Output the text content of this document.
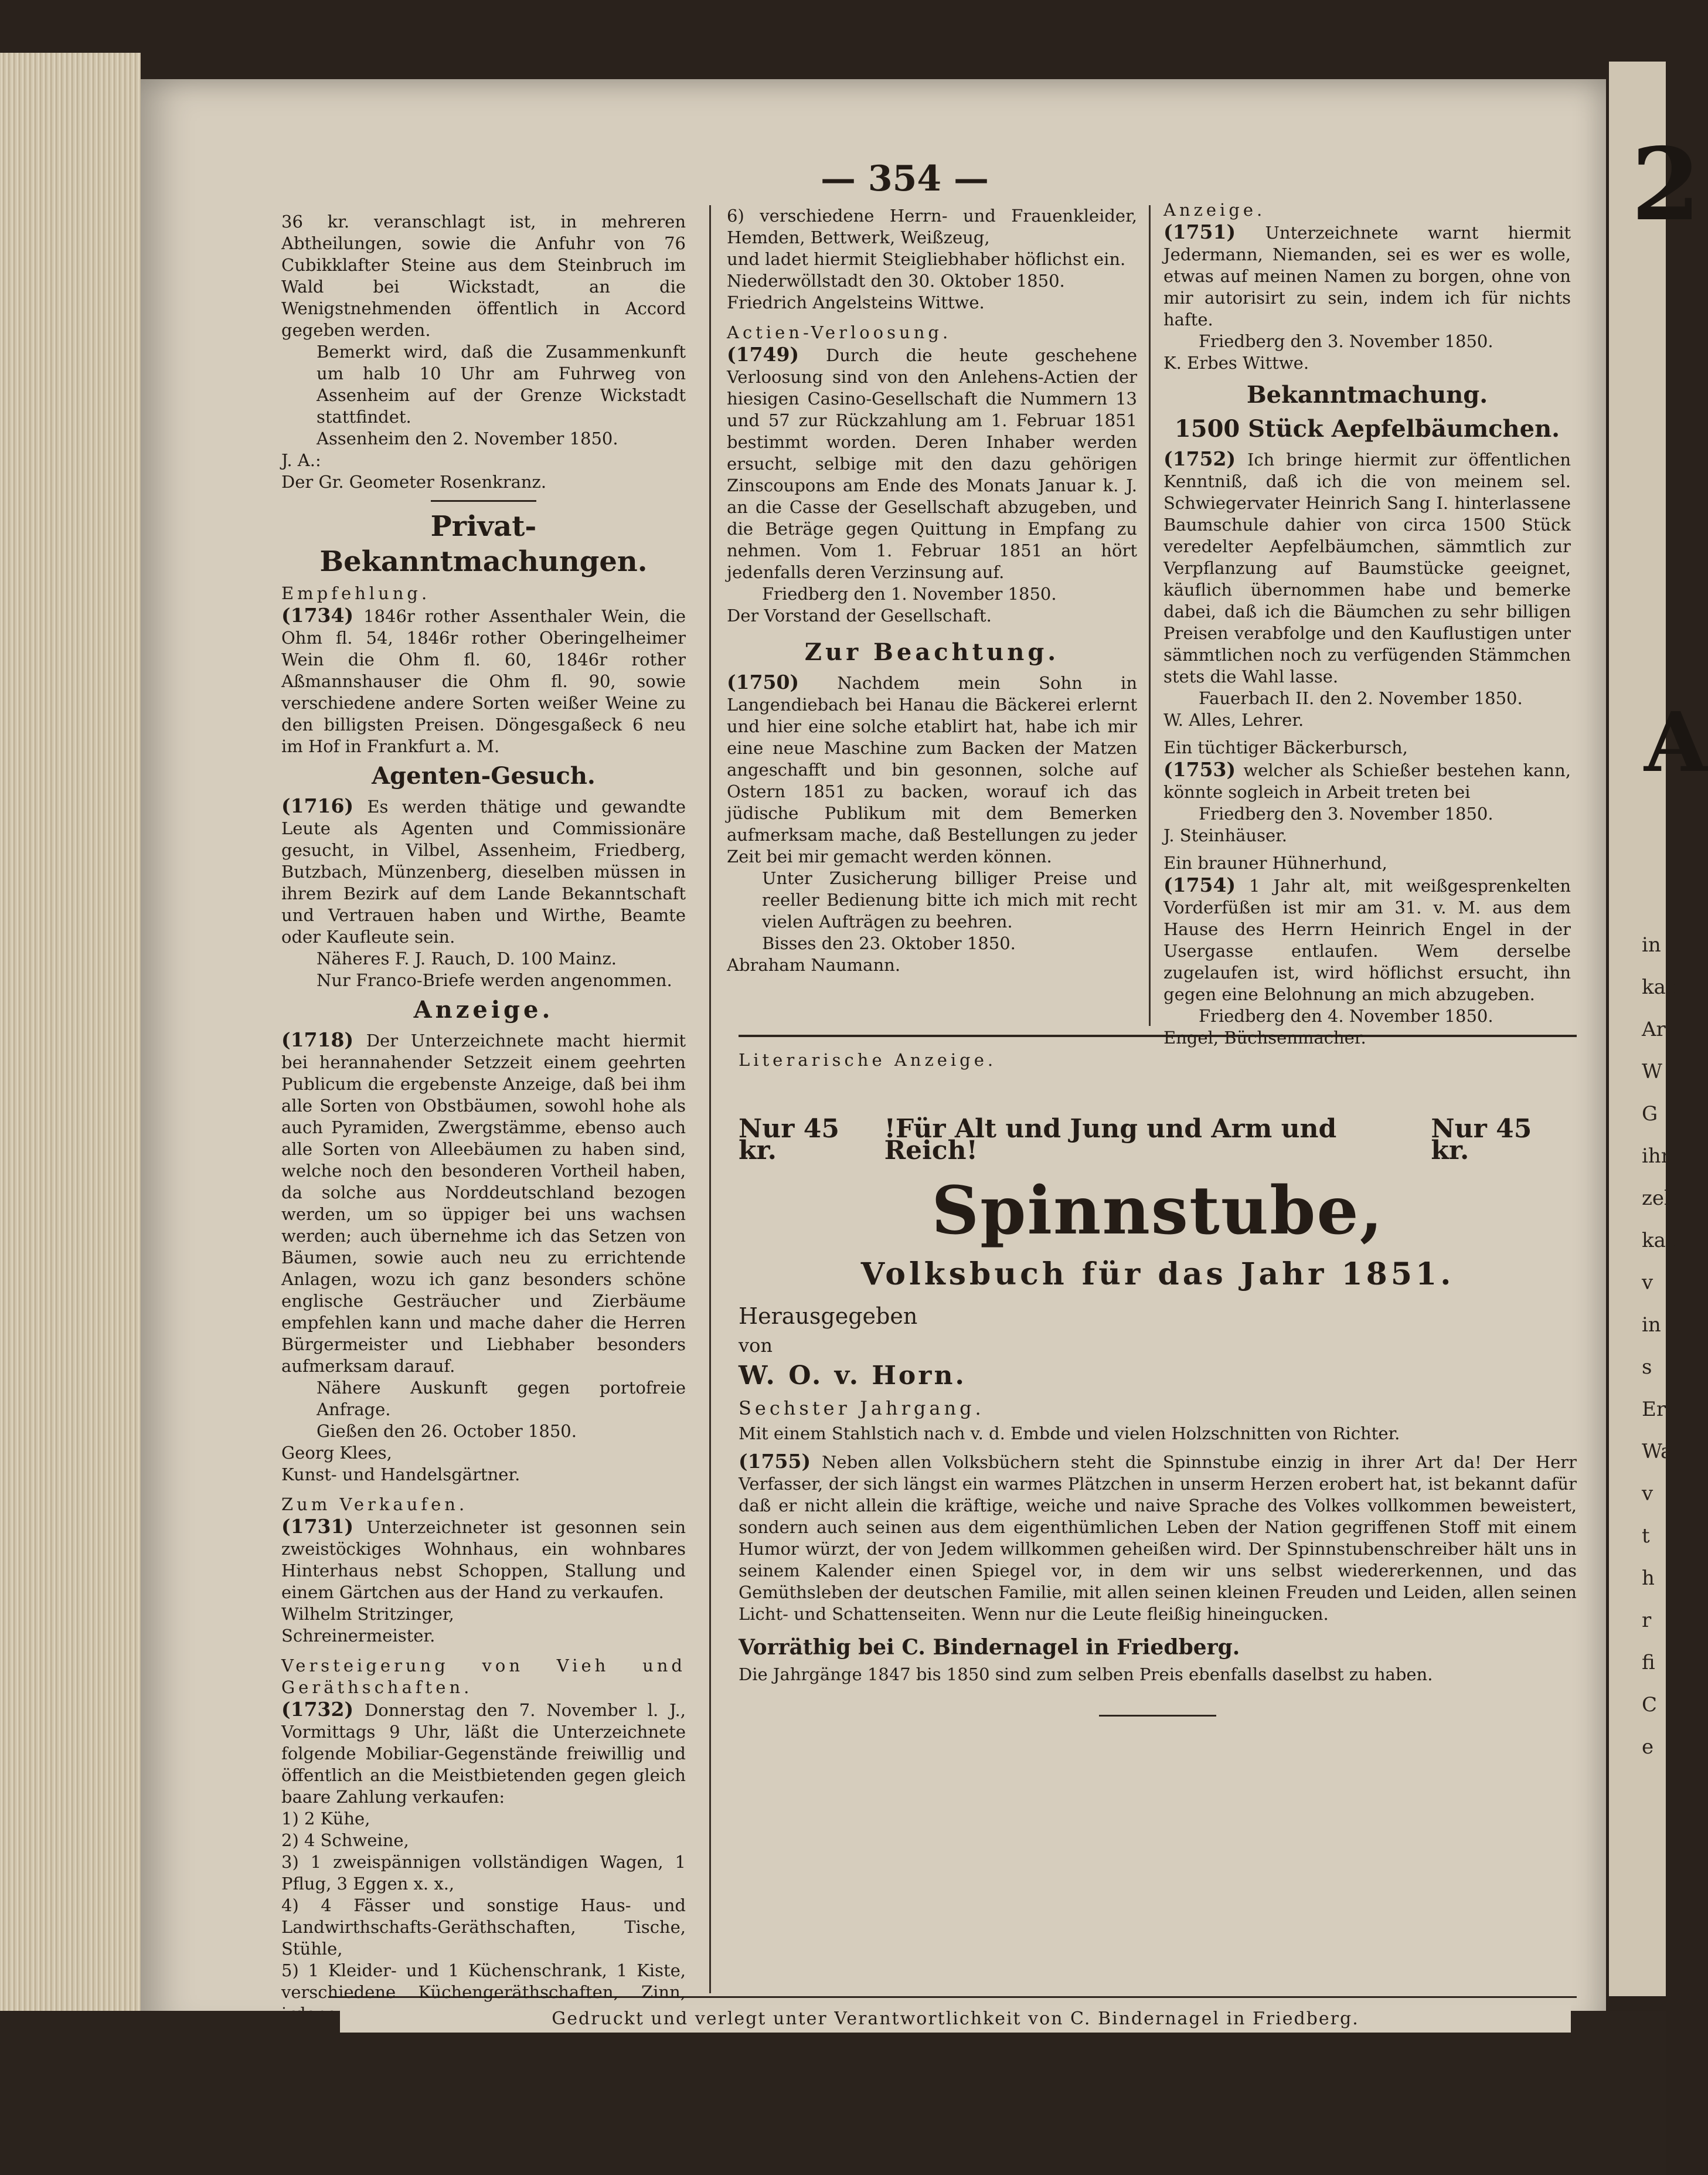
2
A
in
kau
Arl
W
G
ihn
zeln
kau
v
in
s
Er
Wa
v
t
h
r
fi
C
e
— 354 —

36 kr. veranschlagt ist, in mehreren Abtheilungen, sowie die Anfuhr von 76 Cubikklafter Steine aus dem Steinbruch im Wald bei Wickstadt, an die Wenigstnehmenden öffentlich in Accord gegeben werden.

Bemerkt wird, daß die Zusammenkunft um halb 10 Uhr am Fuhrweg von Assenheim auf der Grenze Wickstadt stattfindet.

Assenheim den 2. November 1850.

J. A.:

Der Gr. Geometer Rosenkranz.

Privat-Bekanntmachungen.

Empfehlung.

(1734) 1846r rother Assenthaler Wein, die Ohm fl. 54, 1846r rother Oberingelheimer Wein die Ohm fl. 60, 1846r rother Aßmannshauser die Ohm fl. 90, sowie verschiedene andere Sorten weißer Weine zu den billigsten Preisen. Döngesgaßeck 6 neu im Hof in Frankfurt a. M.

Agenten-Gesuch.

(1716) Es werden thätige und gewandte Leute als Agenten und Commissionäre gesucht, in Vilbel, Assenheim, Friedberg, Butzbach, Münzenberg, dieselben müssen in ihrem Bezirk auf dem Lande Bekanntschaft und Vertrauen haben und Wirthe, Beamte oder Kaufleute sein.

Näheres F. J. Rauch, D. 100 Mainz.

Nur Franco-Briefe werden angenommen.

Anzeige.

(1718) Der Unterzeichnete macht hiermit bei herannahender Setzzeit einem geehrten Publicum die ergebenste Anzeige, daß bei ihm alle Sorten von Obstbäumen, sowohl hohe als auch Pyramiden, Zwergstämme, ebenso auch alle Sorten von Alleebäumen zu haben sind, welche noch den besonderen Vortheil haben, da solche aus Norddeutschland bezogen werden, um so üppiger bei uns wachsen werden; auch übernehme ich das Setzen von Bäumen, sowie auch neu zu errichtende Anlagen, wozu ich ganz besonders schöne englische Gesträucher und Zierbäume empfehlen kann und mache daher die Herren Bürgermeister und Liebhaber besonders aufmerksam darauf.

Nähere Auskunft gegen portofreie Anfrage.

Gießen den 26. October 1850.

Georg Klees,

Kunst- und Handelsgärtner.

Zum Verkaufen.

(1731) Unterzeichneter ist gesonnen sein zweistöckiges Wohnhaus, ein wohnbares Hinterhaus nebst Schoppen, Stallung und einem Gärtchen aus der Hand zu verkaufen.

Wilhelm Stritzinger,

Schreinermeister.

Versteigerung von Vieh und Geräthschaften.

(1732) Donnerstag den 7. November l. J., Vormittags 9 Uhr, läßt die Unterzeichnete folgende Mobiliar-Gegenstände freiwillig und öffentlich an die Meistbietenden gegen gleich baare Zahlung verkaufen:

1) 2 Kühe,

2) 4 Schweine,

3) 1 zweispännigen vollständigen Wagen, 1 Pflug, 3 Eggen x. x.,

4) 4 Fässer und sonstige Haus- und Landwirthschafts-Geräthschaften, Tische, Stühle,

5) 1 Kleider- und 1 Küchenschrank, 1 Kiste, verschiedene Küchengeräthschaften, Zinn,

6) verschiedene Herrn- und Frauenkleider, Hemden, Bettwerk, Weißzeug,

und ladet hiermit Steigliebhaber höflichst ein.

Niederwöllstadt den 30. Oktober 1850.

Friedrich Angelsteins Wittwe.

Actien-Verloosung.

(1749) Durch die heute geschehene Verloosung sind von den Anlehens-Actien der hiesigen Casino-Gesellschaft die Nummern 13 und 57 zur Rückzahlung am 1. Februar 1851 bestimmt worden. Deren Inhaber werden ersucht, selbige mit den dazu gehörigen Zinscoupons am Ende des Monats Januar k. J. an die Casse der Gesellschaft abzugeben, und die Beträge gegen Quittung in Empfang zu nehmen. Vom 1. Februar 1851 an hört jedenfalls deren Verzinsung auf.

Friedberg den 1. November 1850.

Der Vorstand der Gesellschaft.

Zur Beachtung.

(1750) Nachdem mein Sohn in Langendiebach bei Hanau die Bäckerei erlernt und hier eine solche etablirt hat, habe ich mir eine neue Maschine zum Backen der Matzen angeschafft und bin gesonnen, solche auf Ostern 1851 zu backen, worauf ich das jüdische Publikum mit dem Bemerken aufmerksam mache, daß Bestellungen zu jeder Zeit bei mir gemacht werden können.

Unter Zusicherung billiger Preise und reeller Bedienung bitte ich mich mit recht vielen Aufträgen zu beehren.

Bisses den 23. Oktober 1850.

Abraham Naumann.

Anzeige.

(1751) Unterzeichnete warnt hiermit Jedermann, Niemanden, sei es wer es wolle, etwas auf meinen Namen zu borgen, ohne von mir autorisirt zu sein, indem ich für nichts hafte.

Friedberg den 3. November 1850.

K. Erbes Wittwe.

Bekanntmachung.
1500 Stück Aepfelbäumchen.

(1752) Ich bringe hiermit zur öffentlichen Kenntniß, daß ich die von meinem sel. Schwiegervater Heinrich Sang I. hinterlassene Baumschule dahier von circa 1500 Stück veredelter Aepfelbäumchen, sämmtlich zur Verpflanzung auf Baumstücke geeignet, käuflich übernommen habe und bemerke dabei, daß ich die Bäumchen zu sehr billigen Preisen verabfolge und den Kauflustigen unter sämmtlichen noch zu verfügenden Stämmchen stets die Wahl lasse.

Fauerbach II. den 2. November 1850.

W. Alles, Lehrer.

Ein tüchtiger Bäckerbursch,

(1753) welcher als Schießer bestehen kann, könnte sogleich in Arbeit treten bei

Friedberg den 3. November 1850.

J. Steinhäuser.

Ein brauner Hühnerhund,

(1754) 1 Jahr alt, mit weißgesprenkelten Vorderfüßen ist mir am 31. v. M. aus dem Hause des Herrn Heinrich Engel in der Usergasse entlaufen. Wem derselbe zugelaufen ist, wird höflichst ersucht, ihn gegen eine Belohnung an mich abzugeben.

Friedberg den 4. November 1850.

Engel, Büchsenmacher.

Literarische Anzeige.

Nur 45 kr.
!Für Alt und Jung und Arm und Reich!
Nur 45 kr.
Spinnstube,
Volksbuch für das Jahr 1851.

Herausgegeben

von

W. O. v. Horn.

Sechster Jahrgang.

Mit einem Stahlstich nach v. d. Embde und vielen Holzschnitten von Richter.

(1755) Neben allen Volksbüchern steht die Spinnstube einzig in ihrer Art da! Der Herr Verfasser, der sich längst ein warmes Plätzchen in unserm Herzen erobert hat, ist bekannt dafür daß er nicht allein die kräftige, weiche und naive Sprache des Volkes vollkommen beweistert, sondern auch seinen aus dem eigenthümlichen Leben der Nation gegriffenen Stoff mit einem Humor würzt, der von Jedem willkommen geheißen wird. Der Spinnstubenschreiber hält uns in seinem Kalender einen Spiegel vor, in dem wir uns selbst wiedererkennen, und das Gemüthsleben der deutschen Familie, mit allen seinen kleinen Freuden und Leiden, allen seinen Licht- und Schattenseiten. Wenn nur die Leute fleißig hineingucken.

Vorräthig bei C. Bindernagel in Friedberg.

Die Jahrgänge 1847 bis 1850 sind zum selben Preis ebenfalls daselbst zu haben.

Gedruckt und verlegt unter Verantwortlichkeit von C. Bindernagel in Friedberg.
